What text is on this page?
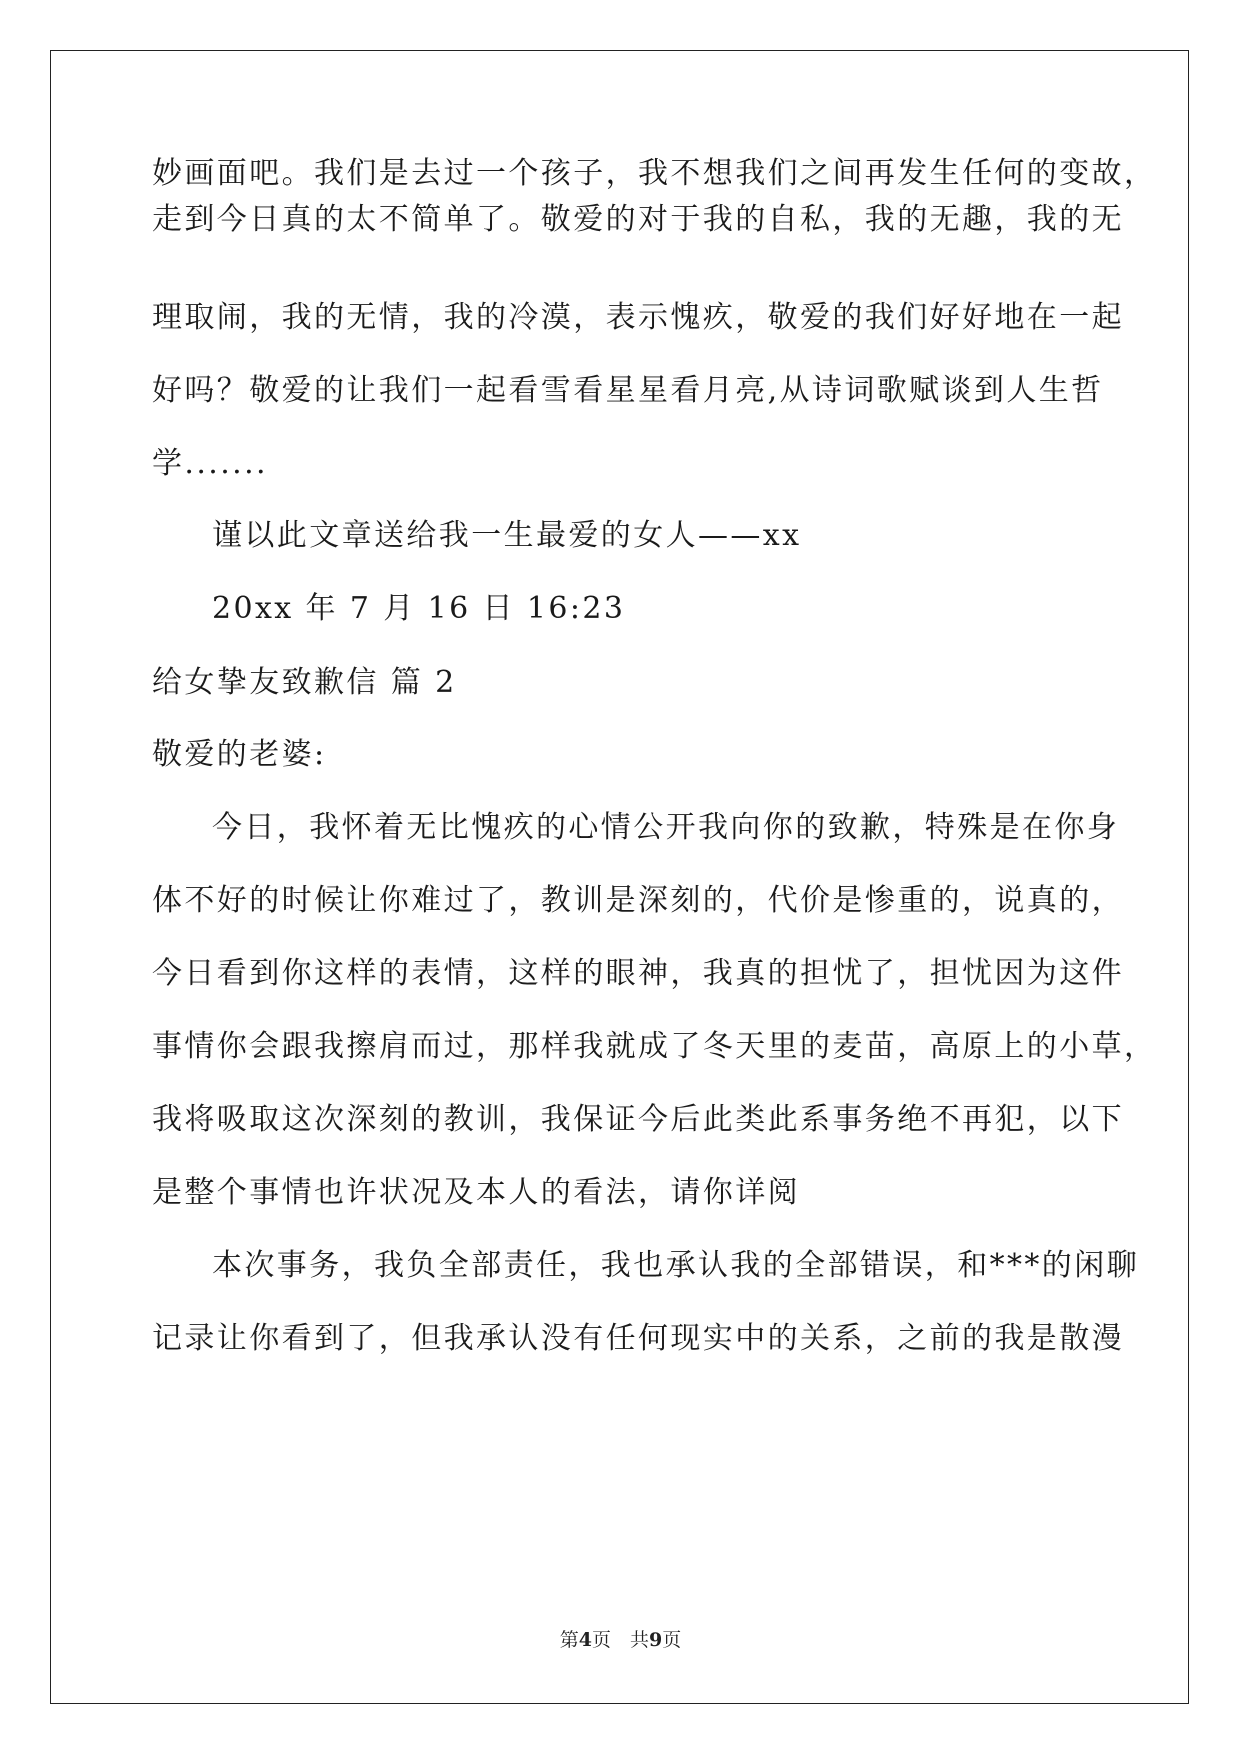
妙画面吧。我们是去过一个孩子，我不想我们之间再发生任何的变故，
走到今日真的太不简单了。敬爱的对于我的自私，我的无趣，我的无
理取闹，我的无情，我的冷漠，表示愧疚，敬爱的我们好好地在一起
好吗？敬爱的让我们一起看雪看星星看月亮,从诗词歌赋谈到人生哲
学.......
谨以此文章送给我一生最爱的女人——xx
20xx 年 7 月 16 日 16:23
给女挚友致歉信 篇 2
敬爱的老婆:
今日，我怀着无比愧疚的心情公开我向你的致歉，特殊是在你身
体不好的时候让你难过了，教训是深刻的，代价是惨重的，说真的，
今日看到你这样的表情，这样的眼神，我真的担忧了，担忧因为这件
事情你会跟我擦肩而过，那样我就成了冬天里的麦苗，高原上的小草，
我将吸取这次深刻的教训，我保证今后此类此系事务绝不再犯，以下
是整个事情也许状况及本人的看法，请你详阅
本次事务，我负全部责任，我也承认我的全部错误，和***的闲聊
记录让你看到了，但我承认没有任何现实中的关系，之前的我是散漫
第4页　共9页
